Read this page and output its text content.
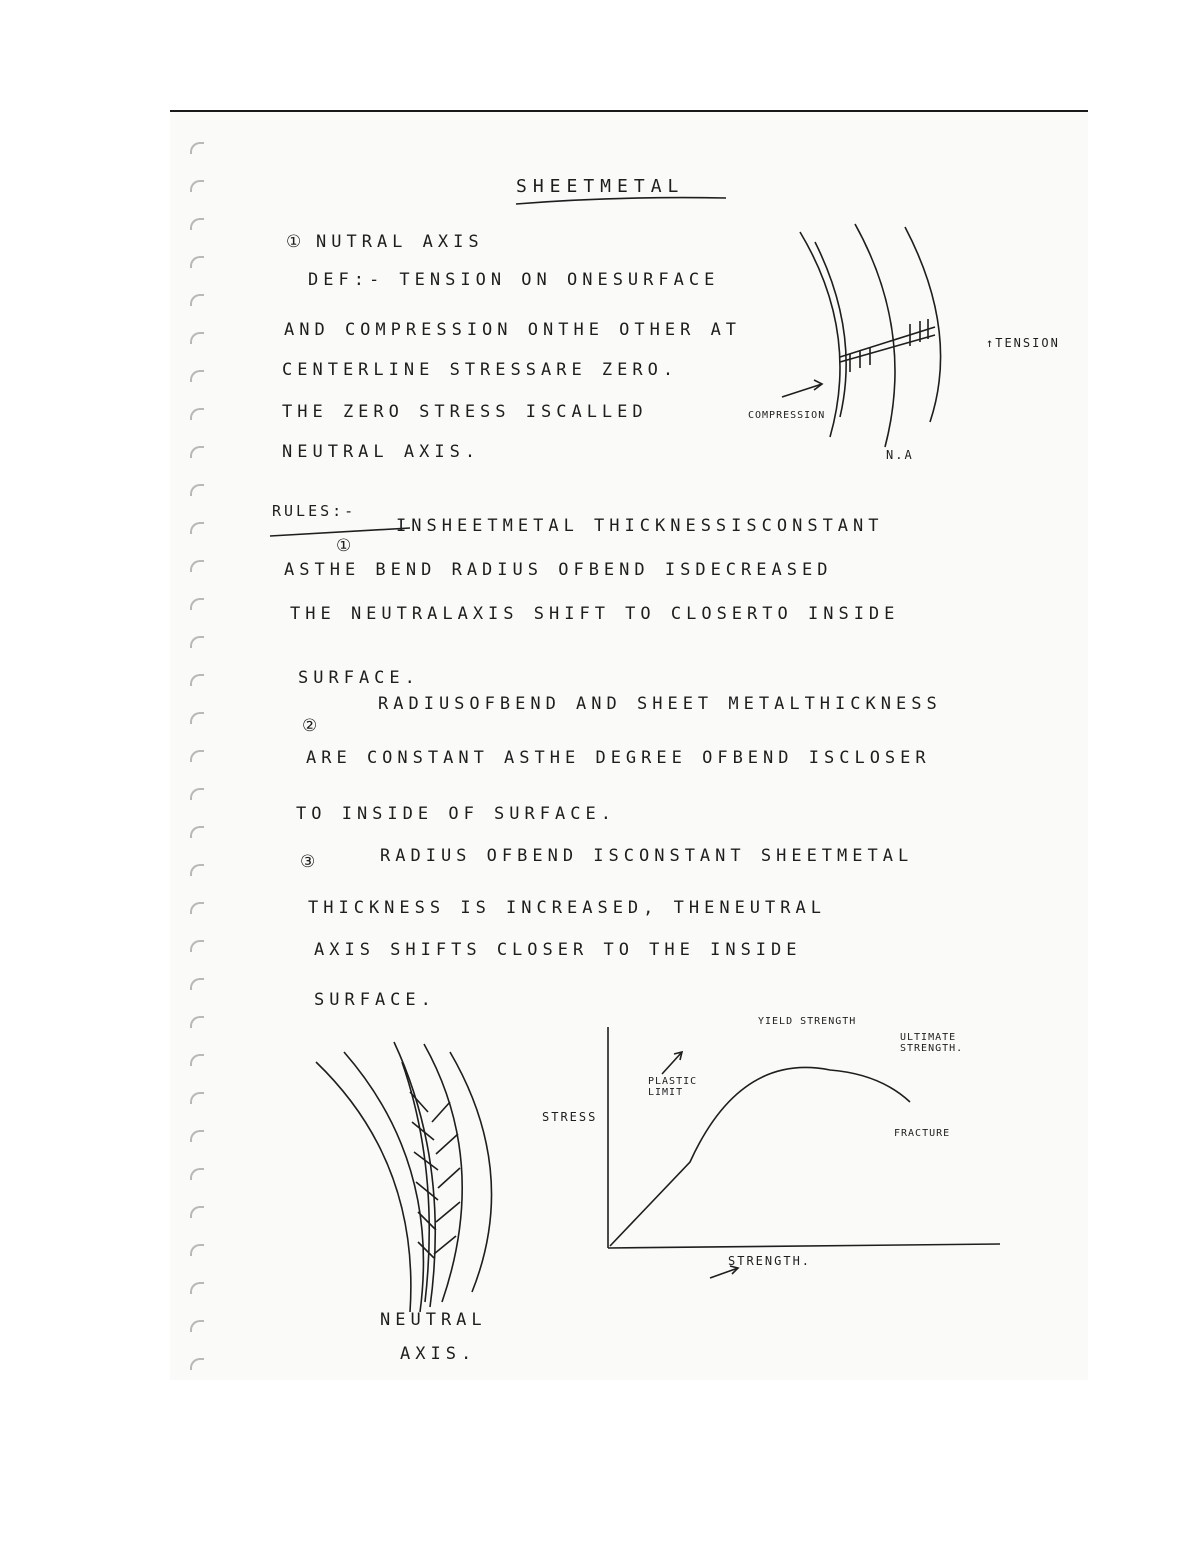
SHEETMETAL
① NUTRAL AXIS
DEF:- TENSION ON ONESURFACE
AND COMPRESSION ONTHE OTHER AT
CENTERLINE STRESSARE ZERO.
THE ZERO STRESS ISCALLED
NEUTRAL AXIS.
↑TENSION
COMPRESSION
N.A
RULES:-
①
INSHEETMETAL THICKNESSISCONSTANT
ASTHE BEND RADIUS OFBEND ISDECREASED
THE NEUTRALAXIS SHIFT TO CLOSERTO INSIDE
SURFACE.
②
RADIUSOFBEND AND SHEET METALTHICKNESS
ARE CONSTANT ASTHE DEGREE OFBEND ISCLOSER
TO INSIDE OF SURFACE.
③	RADIUS OFBEND ISCONSTANT SHEETMETAL
THICKNESS IS INCREASED, THENEUTRAL
AXIS SHIFTS CLOSER TO THE INSIDE
SURFACE.
NEUTRAL
AXIS.
STRESS
STRENGTH.
PLASTIC LIMIT
YIELD STRENGTH
ULTIMATE STRENGTH.
FRACTURE
